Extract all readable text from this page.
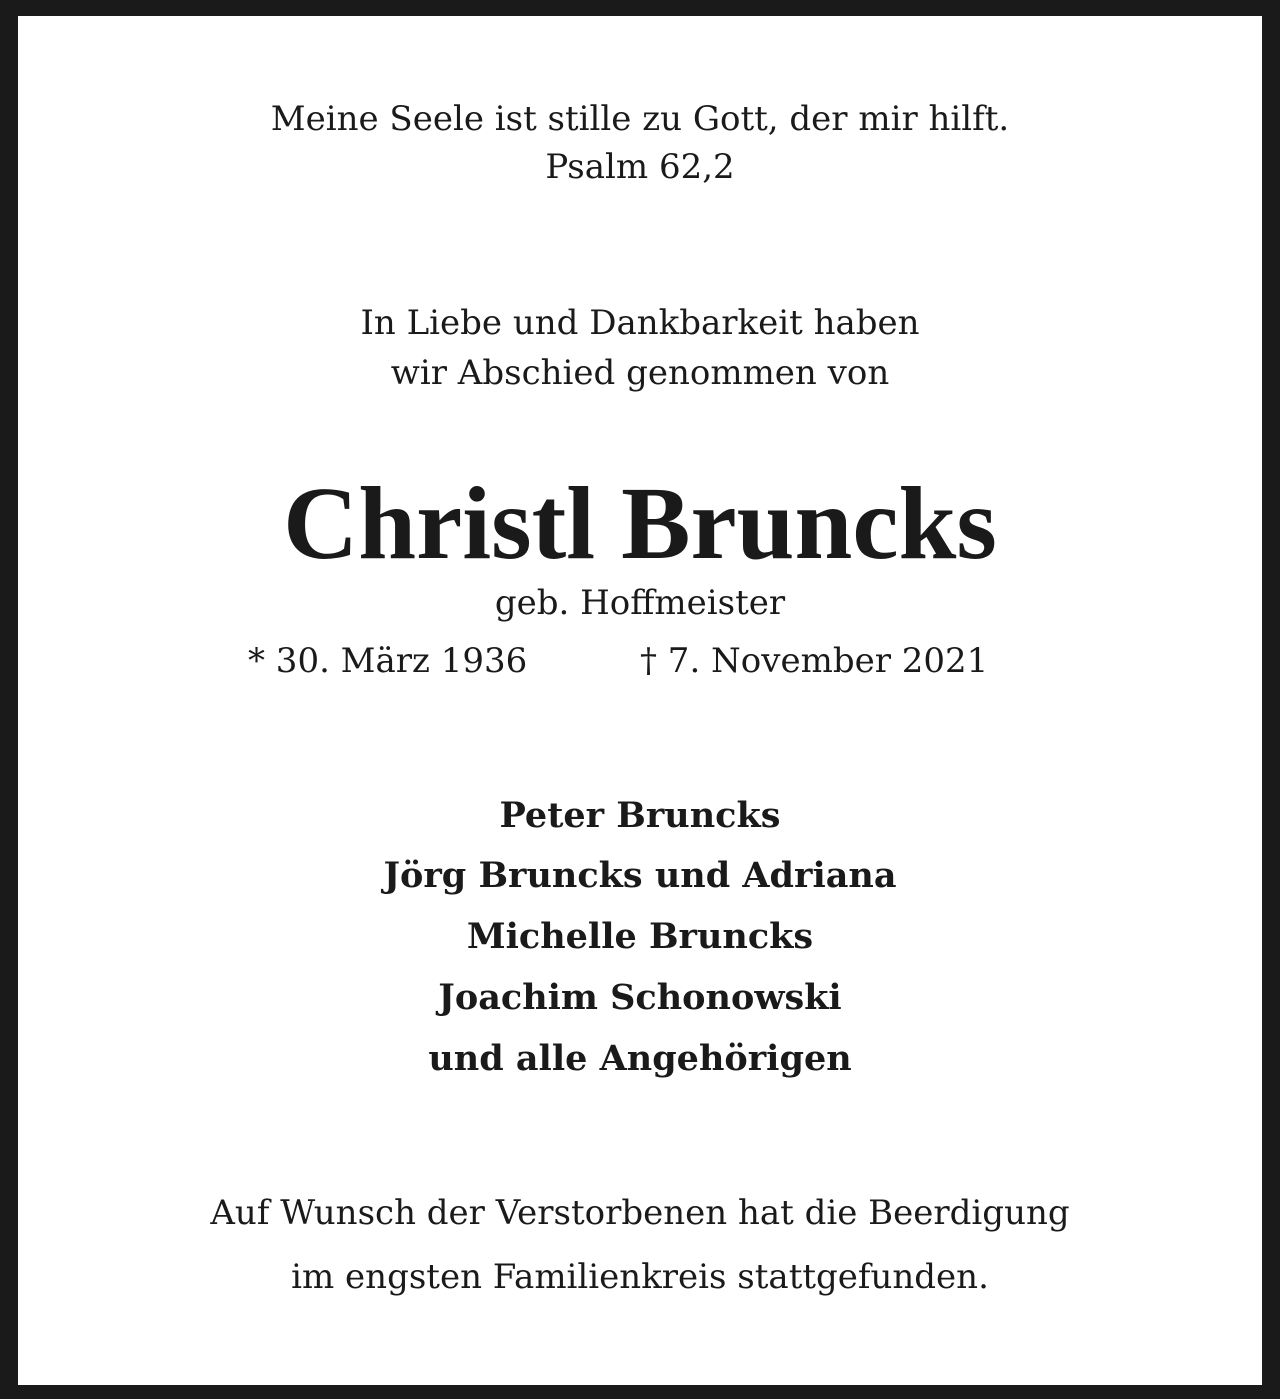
Meine Seele ist stille zu Gott, der mir hilft.
Psalm 62,2
In Liebe und Dankbarkeit haben
wir Abschied genommen von
Christl Bruncks
geb. Hoffmeister
* 30. März 1936	† 7. November 2021
Peter Bruncks
Jörg Bruncks und Adriana
Michelle Bruncks
Joachim Schonowski
und alle Angehörigen
Auf Wunsch der Verstorbenen hat die Beerdigung
im engsten Familienkreis stattgefunden.
